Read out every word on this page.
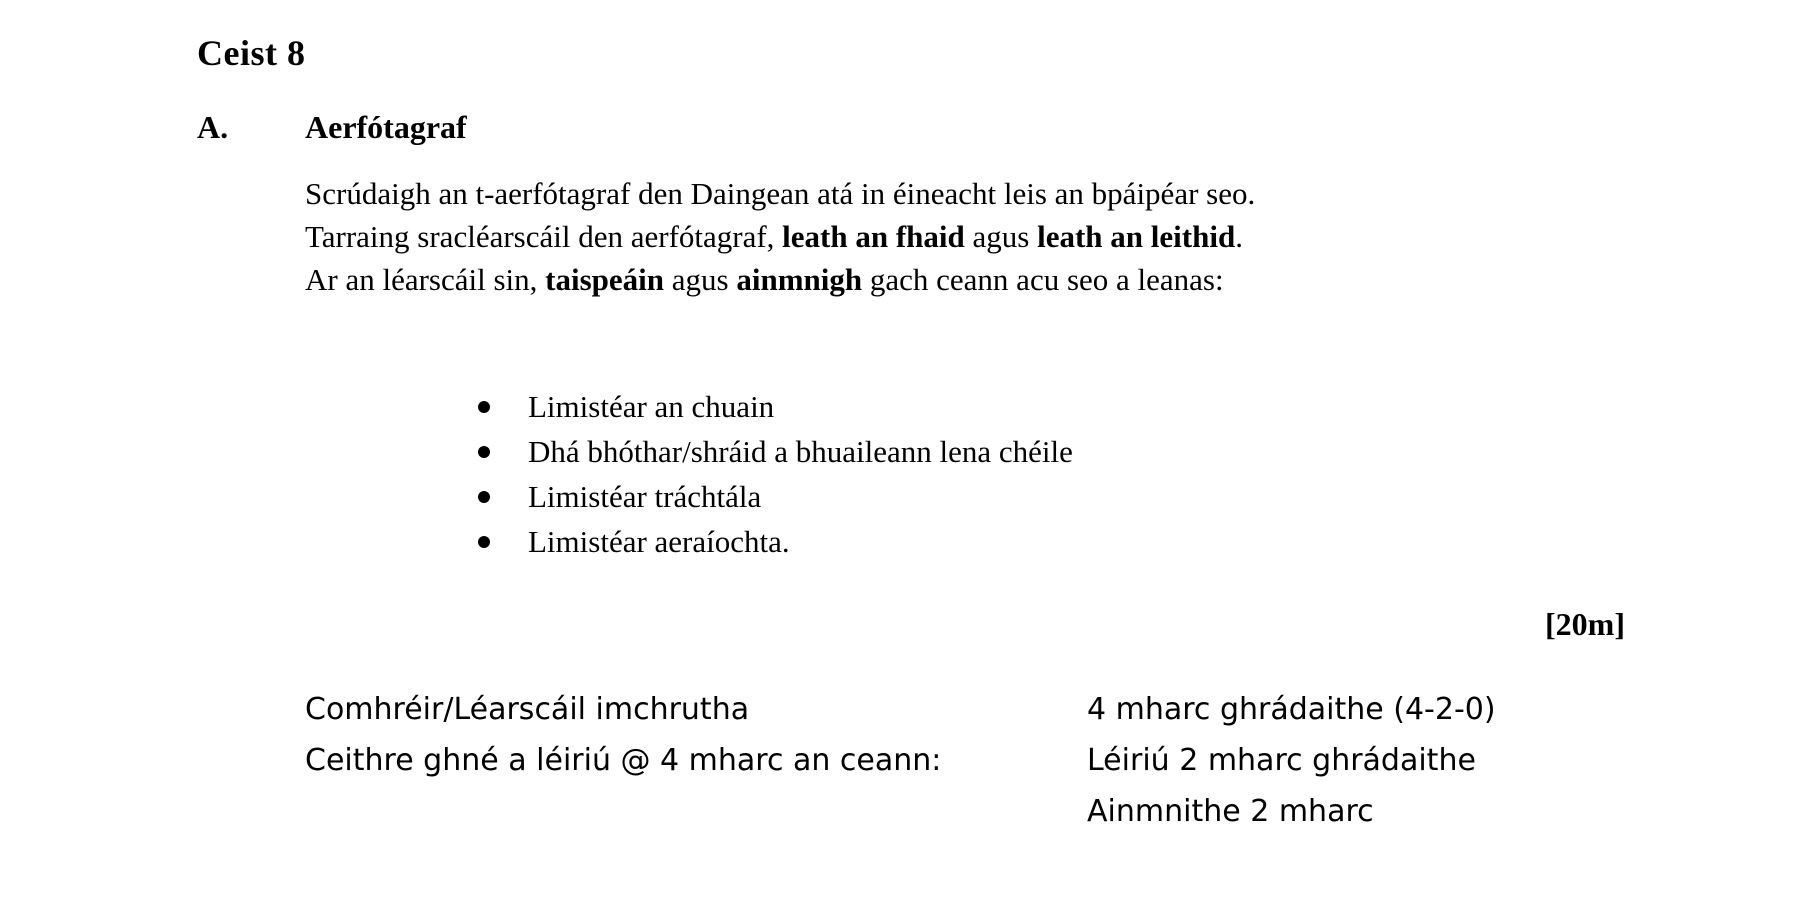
Ceist 8
A. Aerfótagraf

Scrúdaigh an t-aerfótagraf den Daingean atá in éineacht leis an bpáipéar seo.
Tarraing sracléarscáil den aerfótagraf, leath an fhaid agus leath an leithid.
Ar an léarscáil sin, taispeáin agus ainmnigh gach ceann acu seo a leanas:

Limistéar an chuain
Dhá bhóthar/shráid a bhuaileann lena chéile
Limistéar tráchtála
Limistéar aeraíochta.
[20m]
Comhréir/Léarscáil imchrutha
Ceithre ghné a léiriú @ 4 mharc an ceann:
4 mharc ghrádaithe (4-2-0)
Léiriú 2 mharc ghrádaithe
Ainmnithe 2 mharc
